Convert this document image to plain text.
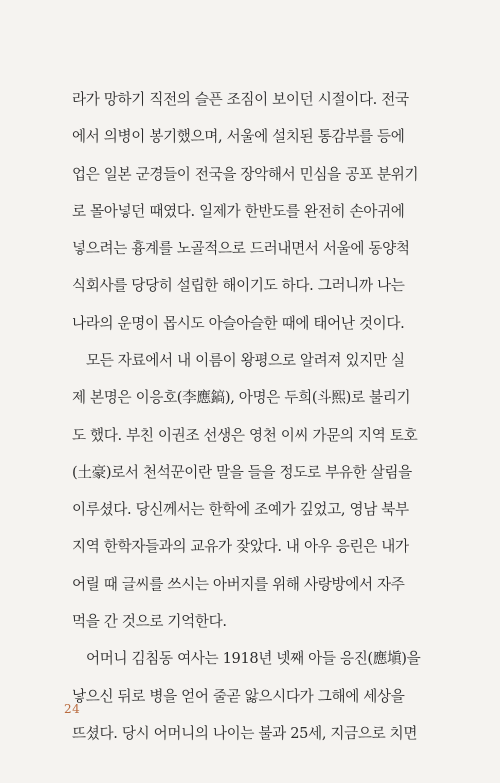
라가 망하기 직전의 슬픈 조짐이 보이던 시절이다. 전국
에서 의병이 봉기했으며, 서울에 설치된 통감부를 등에
업은 일본 군경들이 전국을 장악해서 민심을 공포 분위기
로 몰아넣던 때였다. 일제가 한반도를 완전히 손아귀에
넣으려는 흉계를 노골적으로 드러내면서 서울에 동양척
식회사를 당당히 설립한 해이기도 하다. 그러니까 나는
나라의 운명이 몹시도 아슬아슬한 때에 태어난 것이다.
모든 자료에서 내 이름이 왕평으로 알려져 있지만 실
제 본명은 이응호(李應鎬), 아명은 두희(斗熙)로 불리기
도 했다. 부친 이권조 선생은 영천 이씨 가문의 지역 토호
(土豪)로서 천석꾼이란 말을 들을 정도로 부유한 살림을
이루셨다. 당신께서는 한학에 조예가 깊었고, 영남 북부
지역 한학자들과의 교유가 잦았다. 내 아우 응린은 내가
어릴 때 글씨를 쓰시는 아버지를 위해 사랑방에서 자주
먹을 간 것으로 기억한다.
어머니 김침동 여사는 1918년 넷째 아들 응진(應塡)을
낳으신 뒤로 병을 얻어 줄곧 앓으시다가 그해에 세상을
뜨셨다. 당시 어머니의 나이는 불과 25세, 지금으로 치면
24
